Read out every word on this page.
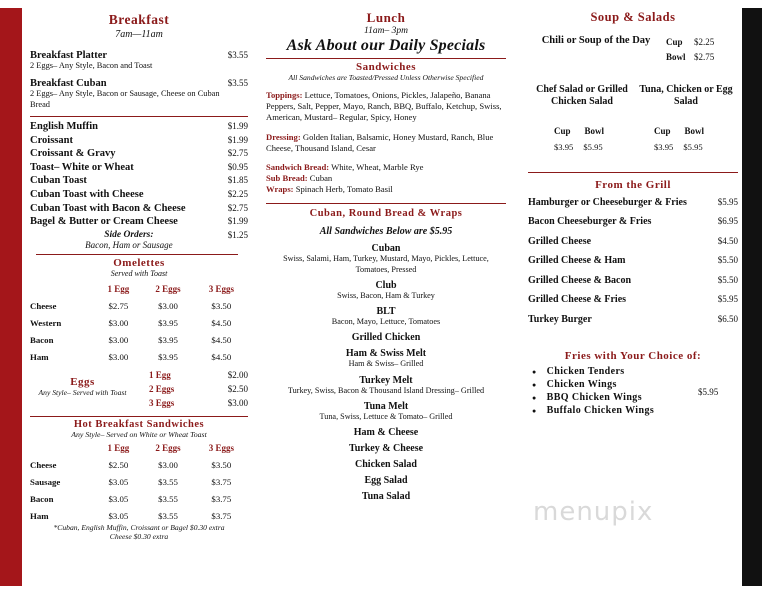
Breakfast
7am—11am
Breakfast Platter	$3.55
2 Eggs– Any Style, Bacon and Toast
Breakfast Cuban	$3.55
2 Eggs– Any Style, Bacon or Sausage, Cheese on Cuban Bread
English Muffin	$1.99
Croissant	$1.99
Croissant & Gravy	$2.75
Toast– White or Wheat	$0.95
Cuban Toast	$1.85
Cuban Toast with Cheese	$2.25
Cuban Toast with Bacon & Cheese	$2.75
Bagel & Butter or Cream Cheese	$1.99
Side Orders:
Bacon, Ham or Sausage
$1.25
Omelettes
Served with Toast
	1 Egg	2 Eggs	3 Eggs
Cheese	$2.75	$3.00	$3.50
Western	$3.00	$3.95	$4.50
Bacon	$3.00	$3.95	$4.50
Ham	$3.00	$3.95	$4.50
Eggs
Any Style– Served with Toast
1 Egg	$2.00
2 Eggs	$2.50
3 Eggs	$3.00
Hot Breakfast Sandwiches
Any Style– Served on White or Wheat Toast
	1 Egg	2 Eggs	3 Eggs
Cheese	$2.50	$3.00	$3.50
Sausage	$3.05	$3.55	$3.75
Bacon	$3.05	$3.55	$3.75
Ham	$3.05	$3.55	$3.75
*Cuban, English Muffin, Croissant or Bagel $0.30 extra
Cheese $0.30 extra
Lunch
11am– 3pm
Ask About our Daily Specials
Sandwiches
All Sandwiches are Toasted/Pressed Unless Otherwise Specified
Toppings: Lettuce, Tomatoes, Onions, Pickles, Jalapeño, Banana Peppers, Salt, Pepper, Mayo, Ranch, BBQ, Buffalo, Ketchup, Swiss, American, Mustard– Regular, Spicy, Honey
Dressing: Golden Italian, Balsamic, Honey Mustard, Ranch, Blue Cheese, Thousand Island, Cesar
Sandwich Bread: White, Wheat, Marble Rye
Sub Bread: Cuban
Wraps: Spinach Herb, Tomato Basil
Cuban, Round Bread & Wraps
All Sandwiches Below are $5.95
Cuban
Swiss, Salami, Ham, Turkey, Mustard, Mayo, Pickles, Lettuce, Tomatoes, Pressed
Club
Swiss, Bacon, Ham & Turkey
BLT
Bacon, Mayo, Lettuce, Tomatoes
Grilled Chicken
Ham & Swiss Melt
Ham & Swiss– Grilled
Turkey Melt
Turkey, Swiss, Bacon & Thousand Island Dressing– Grilled
Tuna Melt
Tuna, Swiss, Lettuce & Tomato– Grilled
Ham & Cheese
Turkey & Cheese
Chicken Salad
Egg Salad
Tuna Salad
Soup & Salads
Chili or Soup of the Day	Cup $2.25
Bowl $2.75
Chef Salad or Grilled Chicken Salad
Cup Bowl
$3.95 $5.95
Tuna, Chicken or Egg Salad
Cup Bowl
$3.95 $5.95
From the Grill
Hamburger or Cheeseburger & Fries	$5.95
Bacon Cheeseburger & Fries	$6.95
Grilled Cheese	$4.50
Grilled Cheese & Ham	$5.50
Grilled Cheese & Bacon	$5.50
Grilled Cheese & Fries	$5.95
Turkey Burger	$6.50
Fries with Your Choice of:
● Chicken Tenders
● Chicken Wings
● BBQ Chicken Wings
● Buffalo Chicken Wings
$5.95
menupix
